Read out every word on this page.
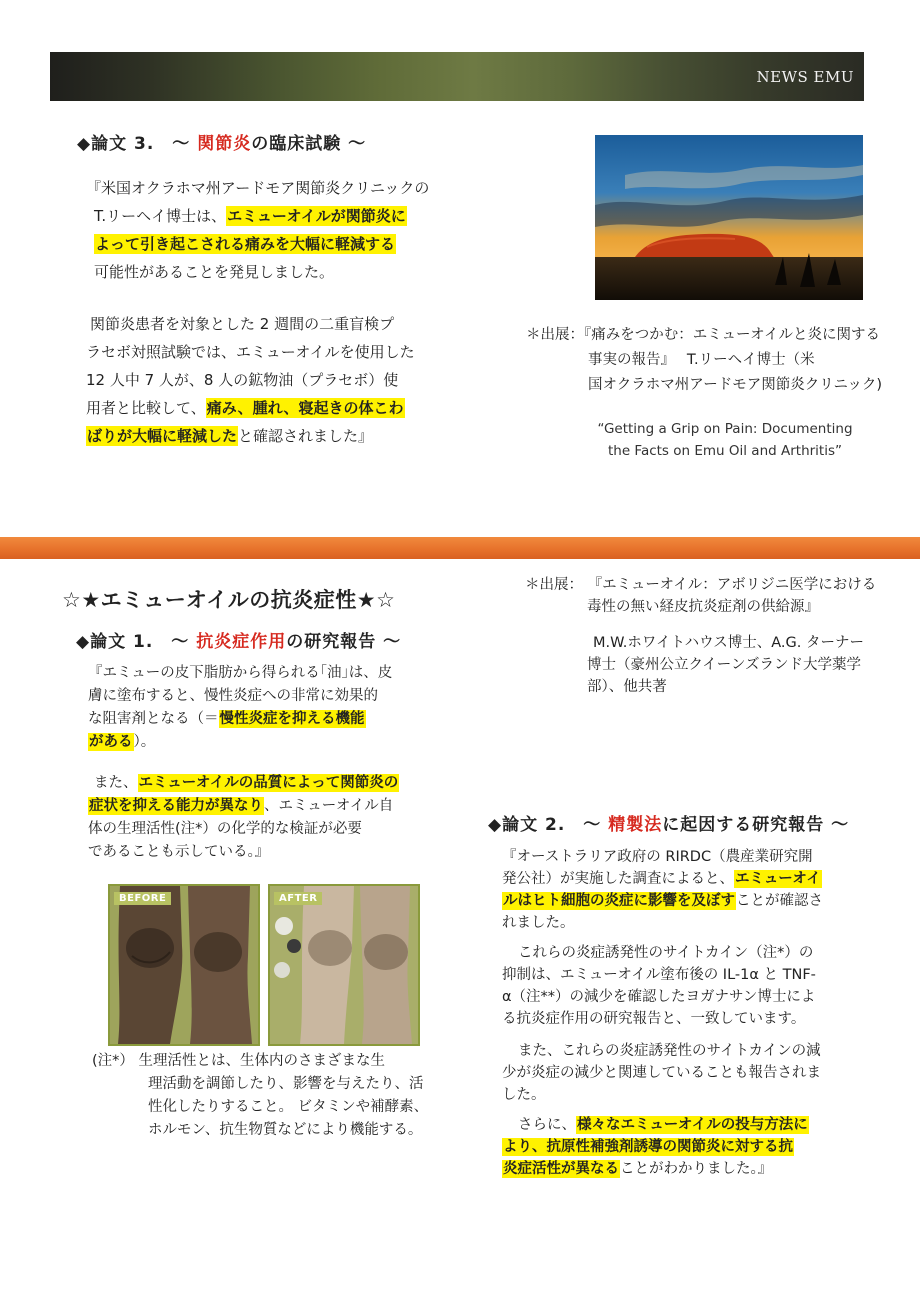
NEWS EMU
◆論文 3.　～ 関節炎の臨床試験 ～
『米国オクラホマ州アードモア関節炎クリニックの
T.リーヘイ博士は、エミューオイルが関節炎に
よって引き起こされる痛みを大幅に軽減する
可能性があることを発見しました。
関節炎患者を対象とした 2 週間の二重盲検プ
ラセボ対照試験では、エミューオイルを使用した
12 人中 7 人が、8 人の鉱物油（プラセボ）使
用者と比較して、痛み、腫れ、寝起きの体こわ
ばりが大幅に軽減したと確認されました』
＊出展：『痛みをつかむ：エミューオイルと炎に関する
事実の報告』　 T.リーヘイ博士（米
国オクラホマ州アードモア関節炎クリニック)
“Getting a Grip on Pain: Documenting
the Facts on Emu Oil and Arthritis”
☆★エミューオイルの抗炎症性★☆
◆論文 1.　～ 抗炎症作用の研究報告 ～
『エミューの皮下脂肪から得られる｢油｣は、皮
膚に塗布すると、慢性炎症への非常に効果的
な阻害剤となる（＝慢性炎症を抑える機能
がある）。
また、エミューオイルの品質によって関節炎の
症状を抑える能力が異なり、エミューオイル自
体の生理活性(注*）の化学的な検証が必要
であることも示している。』
BEFORE	AFTER
(注*） 生理活性とは、生体内のさまざまな生
理活動を調節したり、影響を与えたり、活
性化したりすること。 ビタミンや補酵素、
ホルモン、抗生物質などにより機能する。
＊出展： 『エミューオイル：アボリジニ医学における
毒性の無い経皮抗炎症剤の供給源』
M.W.ホワイトハウス博士、A.G. ターナー
博士（豪州公立クイーンズランド大学薬学
部）、他共著
◆論文 2.　～ 精製法に起因する研究報告 ～
『オーストラリア政府の RIRDC（農産業研究開
発公社）が実施した調査によると、エミューオイ
ルはヒト細胞の炎症に影響を及ぼすことが確認さ
れました。
これらの炎症誘発性のサイトカイン（注*）の
抑制は、エミューオイル塗布後の IL-1α と TNF-
α（注**）の減少を確認したヨガナサン博士によ
る抗炎症作用の研究報告と、一致しています。
また、これらの炎症誘発性のサイトカインの減
少が炎症の減少と関連していることも報告されま
した。
さらに、様々なエミューオイルの投与方法に
より、抗原性補強剤誘導の関節炎に対する抗
炎症活性が異なることがわかりました。』
